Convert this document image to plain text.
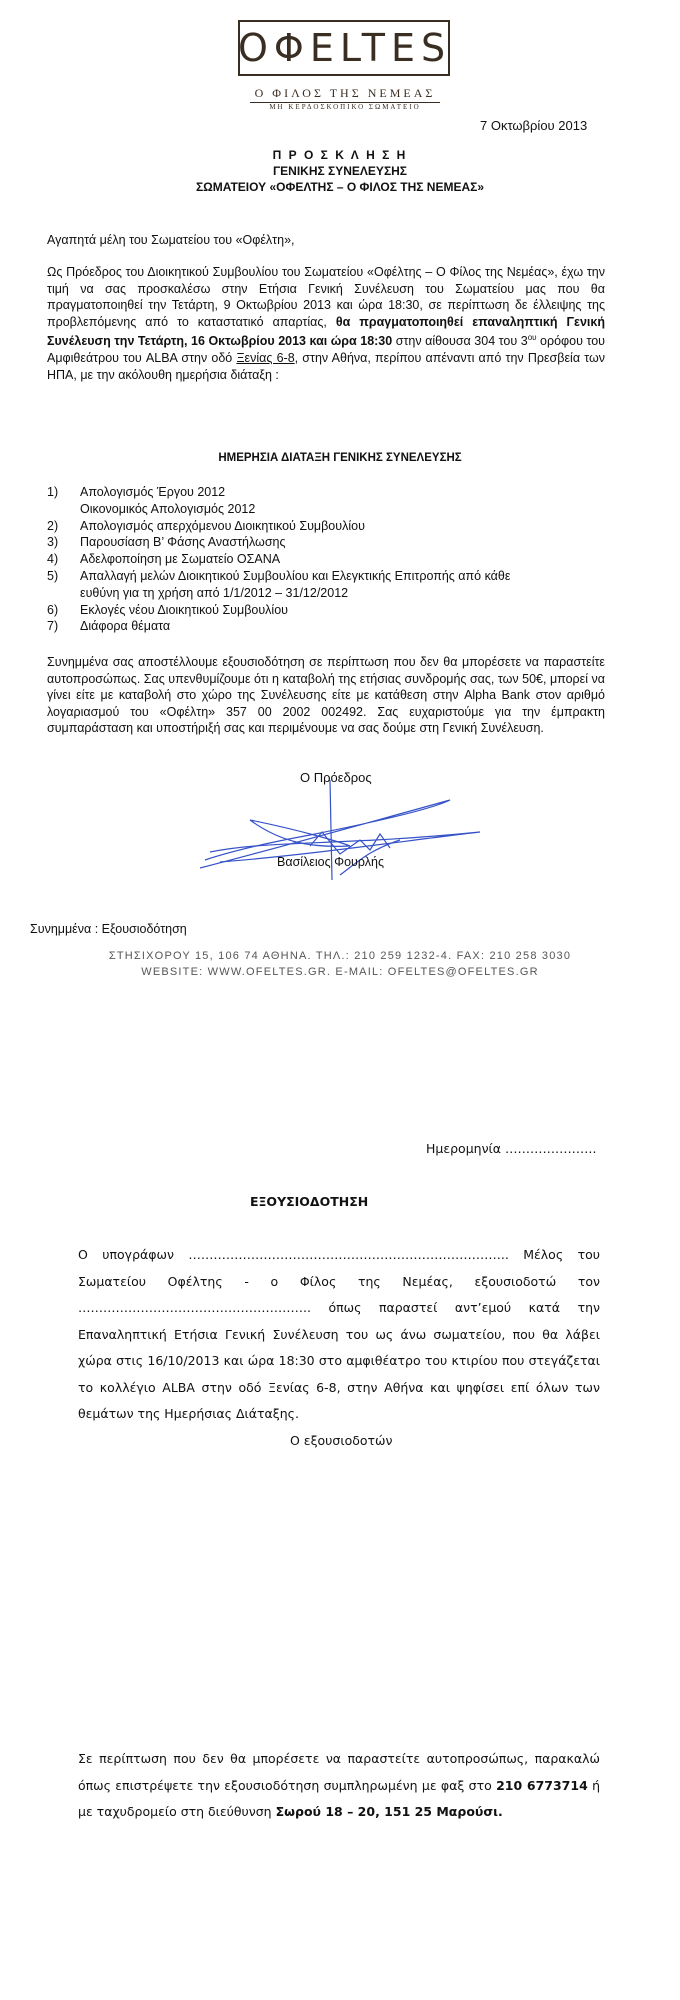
ΟΦΕLTES
Ο ΦΙΛΟΣ ΤΗΣ ΝΕΜΕΑΣ
ΜΗ ΚΕΡΔΟΣΚΟΠΙΚΟ ΣΩΜΑΤΕΙΟ
7 Οκτωβρίου 2013
Π Ρ Ο Σ Κ Λ Η Σ Η
ΓΕΝΙΚΗΣ ΣΥΝΕΛΕΥΣΗΣ
ΣΩΜΑΤΕΙΟΥ «ΟΦΕΛΤΗΣ – Ο ΦΙΛΟΣ ΤΗΣ ΝΕΜΕΑΣ»
Αγαπητά μέλη του Σωματείου του «Οφέλτη»,

Ως Πρόεδρος του Διοικητικού Συμβουλίου του Σωματείου «Οφέλτης – Ο Φίλος της Νεμέας», έχω την τιμή να σας προσκαλέσω στην Ετήσια Γενική Συνέλευση του Σωματείου μας που θα πραγματοποιηθεί την Τετάρτη, 9 Οκτωβρίου 2013 και ώρα 18:30, σε περίπτωση δε έλλειψης της προβλεπόμενης από το καταστατικό απαρτίας, θα πραγματοποιηθεί επαναληπτική Γενική Συνέλευση την Τετάρτη, 16 Οκτωβρίου 2013 και ώρα 18:30 στην αίθουσα 304 του $3^{o\upsilon}$ ορόφου του Αμφιθεάτρου του ALBA στην οδό Ξενίας 6-8, στην Αθήνα, περίπου απέναντι από την Πρεσβεία των ΗΠΑ, με την ακόλουθη ημερήσια διάταξη :

ΗΜΕΡΗΣΙΑ ΔΙΑΤΑΞΗ ΓΕΝΙΚΗΣ ΣΥΝΕΛΕΥΣΗΣ
1)	Απολογισμός Έργου 2012
Οικονομικός Απολογισμός 2012
2)	Απολογισμός απερχόμενου Διοικητικού Συμβουλίου
3)	Παρουσίαση Β’ Φάσης Αναστήλωσης
4)	Αδελφοποίηση με Σωματείο ΟΣΑΝΑ
5)	Απαλλαγή μελών Διοικητικού Συμβουλίου και Ελεγκτικής Επιτροπής από κάθε
ευθύνη για τη χρήση από 1/1/2012 – 31/12/2012
6)	Εκλογές νέου Διοικητικού Συμβουλίου
7)	Διάφορα θέματα
Συνημμένα σας αποστέλλουμε εξουσιοδότηση σε περίπτωση που δεν θα μπορέσετε να παραστείτε αυτοπροσώπως. Σας υπενθυμίζουμε ότι η καταβολή της ετήσιας συνδρομής σας, των 50€, μπορεί να γίνει είτε με καταβολή στο χώρο της Συνέλευσης είτε με κατάθεση στην Alpha Bank στον αριθμό λογαριασμού του «Οφέλτη» 357 00 2002 002492. Σας ευχαριστούμε για την έμπρακτη συμπαράσταση και υποστήριξή σας και περιμένουμε να σας δούμε στη Γενική Συνέλευση.
Ο Πρόεδρος
Βασίλειος Φουρλής
Συνημμένα : Εξουσιοδότηση
ΣΤΗΣΙΧΟΡΟΥ 15, 106 74 ΑΘΗΝΑ. ΤΗΛ.: 210 259 1232-4. FAX: 210 258 3030
WEBSITE: WWW.OFELTES.GR. E-MAIL: OFELTES@OFELTES.GR
Ημερομηνία ………………….
ΕΞΟΥΣΙΟΔΟΤΗΣΗ
Ο υπογράφων ………………………………………………………………….. Μέλος του Σωματείου Οφέλτης - ο Φίλος της Νεμέας, εξουσιοδοτώ τον ……………………………………………….. όπως παραστεί αντ’εμού κατά την Επαναληπτική Ετήσια Γενική Συνέλευση του ως άνω σωματείου, που θα λάβει χώρα στις 16/10/2013 και ώρα 18:30 στο αμφιθέατρο του κτιρίου που στεγάζεται το κολλέγιο ALBA στην οδό Ξενίας 6-8, στην Αθήνα και ψηφίσει επί όλων των θεμάτων της Ημερήσιας Διάταξης.
Ο εξουσιοδοτών

Σε περίπτωση που δεν θα μπορέσετε να παραστείτε αυτοπροσώπως, παρακαλώ όπως επιστρέψετε την εξουσιοδότηση συμπληρωμένη με φαξ στο 210 6773714 ή με ταχυδρομείο στη διεύθυνση Σωρού 18 – 20, 151 25 Μαρούσι.
